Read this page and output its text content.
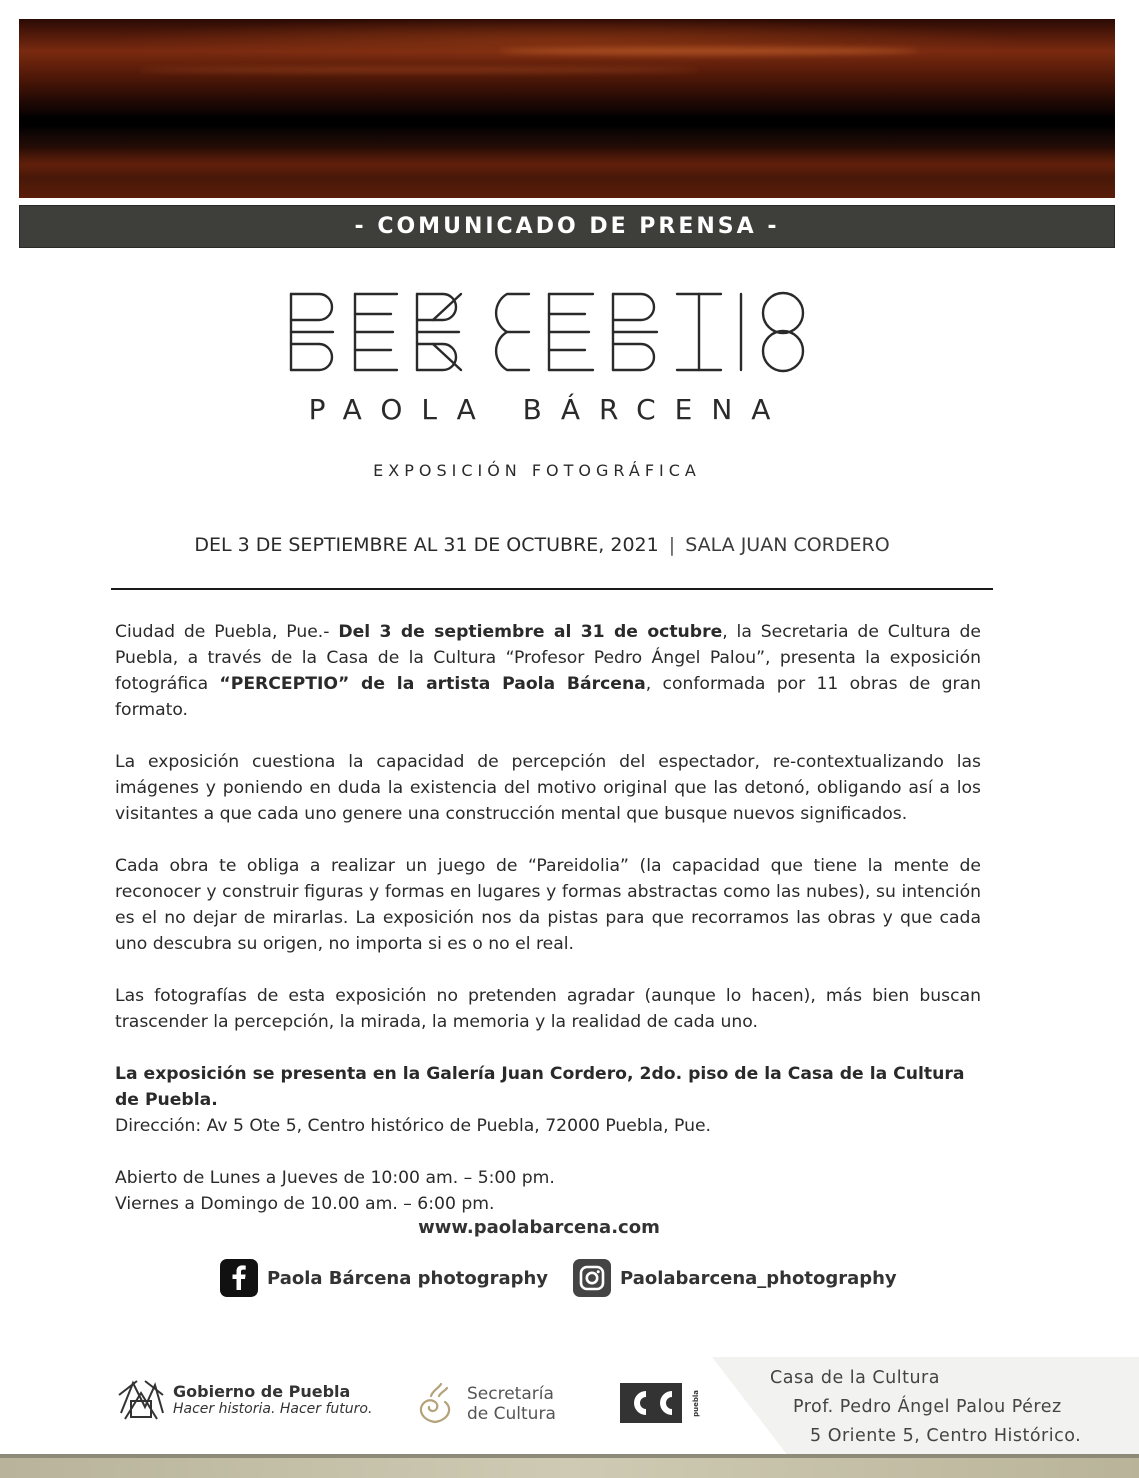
- COMUNICADO DE PRENSA -
PAOLA BÁRCENA
EXPOSICIÓN FOTOGRÁFICA
DEL 3 DE SEPTIEMBRE AL 31 DE OCTUBRE, 2021 | SALA JUAN CORDERO

Ciudad de Puebla, Pue.- Del 3 de septiembre al 31 de octubre, la Secretaria de Cultura de Puebla, a través de la Casa de la Cultura “Profesor Pedro Ángel Palou”, presenta la exposición fotográfica “PERCEPTIO” de la artista Paola Bárcena, conformada por 11 obras de gran formato.

La exposición cuestiona la capacidad de percepción del espectador, re-contextualizando las imágenes y poniendo en duda la existencia del motivo original que las detonó, obligando así a los visitantes a que cada uno genere una construcción mental que busque nuevos significados.

Cada obra te obliga a realizar un juego de “Pareidolia” (la capacidad que tiene la mente de reconocer y construir figuras y formas en lugares y formas abstractas como las nubes), su intención es el no dejar de mirarlas. La exposición nos da pistas para que recorramos las obras y que cada uno descubra su origen, no importa si es o no el real.

Las fotografías de esta exposición no pretenden agradar (aunque lo hacen), más bien buscan trascender la percepción, la mirada, la memoria y la realidad de cada uno.

La exposición se presenta en la Galería Juan Cordero, 2do. piso de la Casa de la Cultura de Puebla.
Dirección: Av 5 Ote 5, Centro histórico de Puebla, 72000 Puebla, Pue.

Abierto de Lunes a Jueves de 10:00 am. – 5:00 pm.
Viernes a Domingo de 10.00 am. – 6:00 pm.

www.paolabarcena.com
Paola Bárcena photography	Paolabarcena_photography
Gobierno de Puebla
Hacer historia. Hacer futuro.
Secretaría
de Cultura	puebla
Casa de la Cultura
Prof. Pedro Ángel Palou Pérez
5 Oriente 5, Centro Histórico.
